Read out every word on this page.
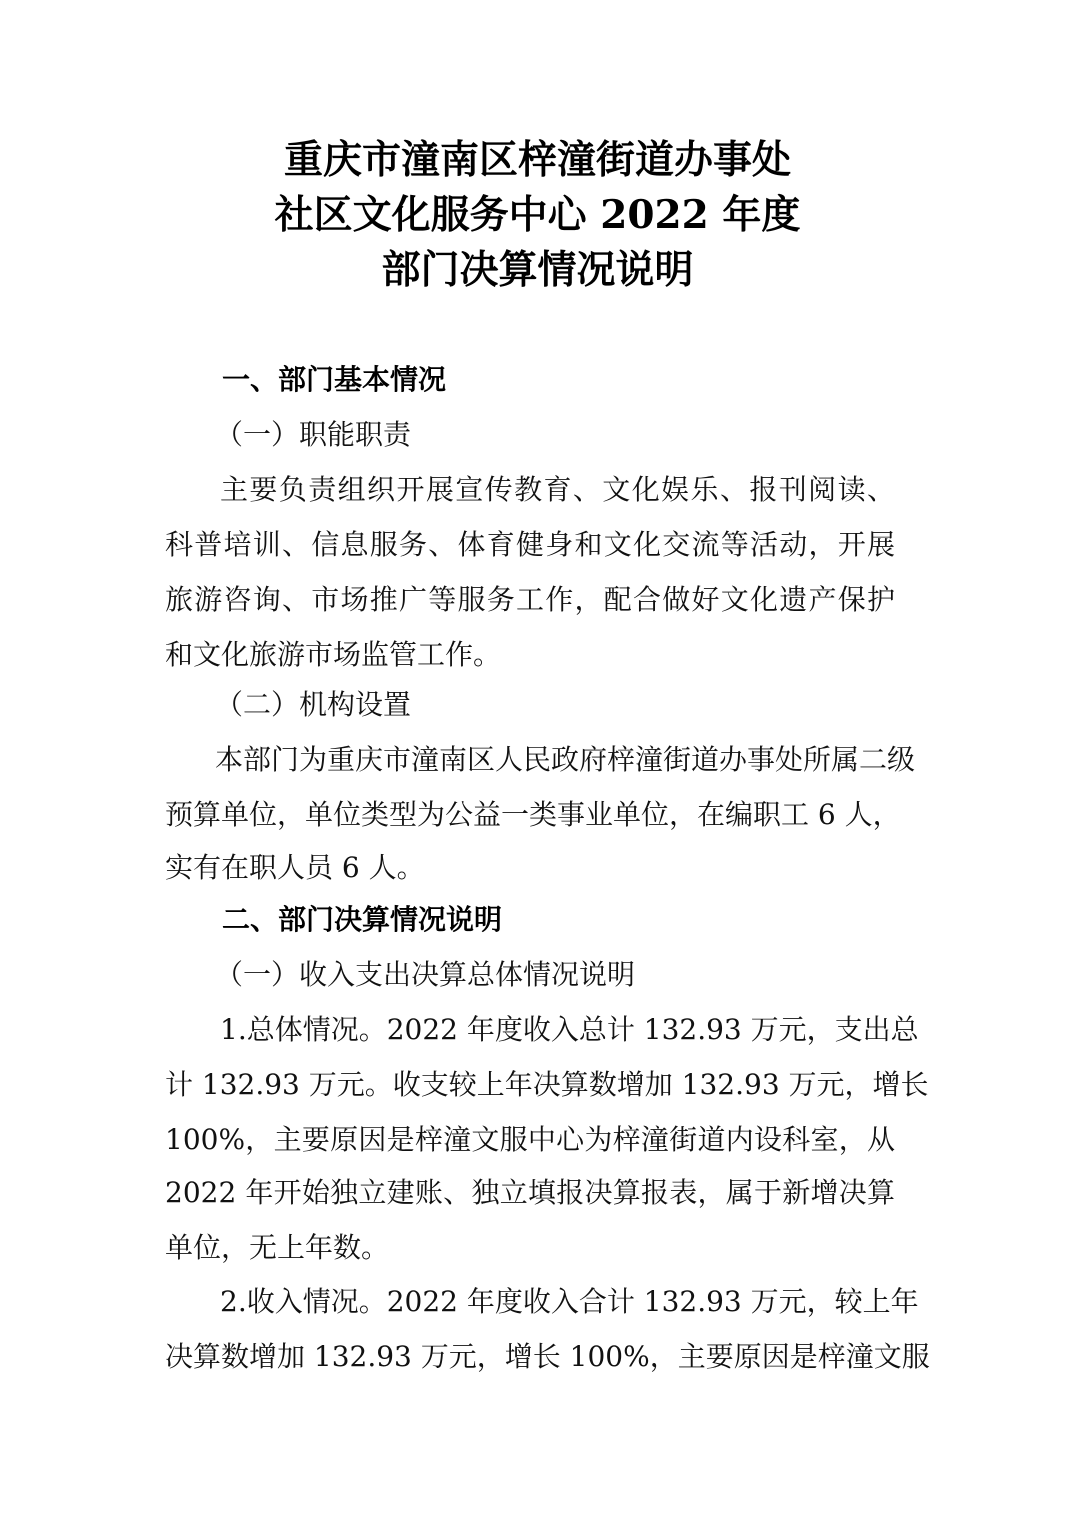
重庆市潼南区梓潼街道办事处
社区文化服务中心 2022 年度
部门决算情况说明
一、部门基本情况
（一）职能职责
主要负责组织开展宣传教育、文化娱乐、报刊阅读、
科普培训、信息服务、体育健身和文化交流等活动，开展
旅游咨询、市场推广等服务工作，配合做好文化遗产保护
和文化旅游市场监管工作。
（二）机构设置
本部门为重庆市潼南区人民政府梓潼街道办事处所属二级
预算单位，单位类型为公益一类事业单位，在编职工 6 人，
实有在职人员 6 人。
二、部门决算情况说明
（一）收入支出决算总体情况说明
1.总体情况。2022 年度收入总计 132.93 万元，支出总
计 132.93 万元。收支较上年决算数增加 132.93 万元，增长
100%，主要原因是梓潼文服中心为梓潼街道内设科室，从
2022 年开始独立建账、独立填报决算报表，属于新增决算
单位，无上年数。
2.收入情况。2022 年度收入合计 132.93 万元，较上年
决算数增加 132.93 万元，增长 100%，主要原因是梓潼文服
